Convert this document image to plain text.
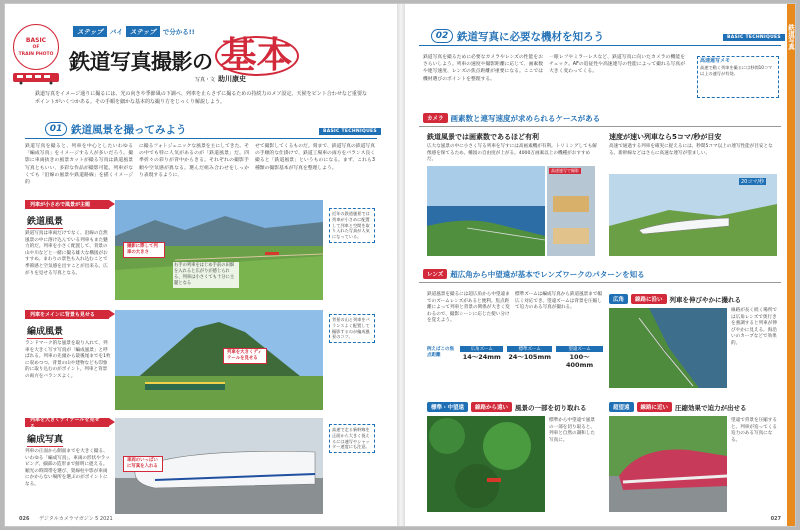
BASIC
OF
TRAIN PHOTO
ステップ	バイ	ステップ	で分かる!!
鉄道写真撮影の 基本
写真・文 助川康史
鉄道写真をイメージ通りに撮るには、光の向きや季節風の下調べ、列車を止らさずに撮るための持続力のメソ設定、天候をピント合わせなど重要なポイントがいくつかある。その手順を細かな基本的な撮り方をじっくり解説しよう。
01 鉄道風景を撮ってみよう	BASIC TECHNIQUES
鉄道写真を撮ると、列車を中心としたいわゆる「編成写真」をイメージする人が多いだろう。撮影に車両抜きの風景カットが撮る写真は鉄道風景写真ともいい、多彩な作品が撮影可能。列車がなくても「沿線の風景や鉄道路線」を描くイメージ的
に撮るフォトジェニックな風景を主にしてきた。その中でも特に人気があるのが「鉄道風景」だ。四季折々の彩りが背中からきる。それぞれの撮影手順や空気感が異なる。選んだ組み合わせをしっかり表現するように、
せて撮影してくるものだ。刻まで、鉄道写真の鉄道写真の手順的な仕掛けで、鉄道工場車の両方をバランス良く撮ると「鉄道風景」というものになる。まず、これら3種類の撮影基本が写真を整理しよう。
列車が小さめで風景が主題
鉄道風景
鉄道写真は車両だけでなく、沿線の自然風景の中に溶け込んでいる列車もまた魅力的だ。列車を小さく配置して、背景の山や川などと一緒に撮る雄大な構図がおすすめ。まわりの景色も入れ込むことで季節感と空気感を出すことが出来る。広がりを見せる写真となる。
撮影に際して列車の大きさ
右手の列車をはじめ手前の田畑を入れると広がりが感じられる、列車は小さくても十分に主題となる
近年の鉄道風景では列車が小さめに配置して列車と空間を取り入れた写真が人気になっている。
列車をメインに背景も見せる
編成風景
ランドマーク的な風景を取り入れて、列車を大きく写す写真が「編成風景」と呼ばれる。列車の先頭から最後尾までを1枚に収めつつ、背景の山や建物なども印象的に取り込むのがポイント。列車と背景の両方をバランスよく。
列車を大きくディテールを見せる
背景の山と列車をバランスよく配置して撮影するのが編成風景のコツ。
列車を大きくディテールを見せる
編成写真
列車の正面から側面までを大きく撮る、いわゆる「編成写真」。車両の形状やラッピング、細部の造形まで鮮明に捉える。順光の時間帯を選び、架線柱や影が車両にかからない場所を選ぶのがポイントになる。
車両のいっぱいに写真を入れる
高速で走る新幹線を正面から大きく捉えるには連写やシャッター速度にも注意。
026 デジタルカメラマガジン 5 2021
鉄道写真
02 鉄道写真に必要な機材を知ろう	BASIC TECHNIQUES
鉄道写真を撮るために必要なカメラやレンズの性能をおさらいしよう。列車の速度や撮影距離に応じて、画素数や連写速度、レンズの焦点距離が重要になる。ここでは機材選びのポイントを整理する。
一眼レフやミラーレスなど、鉄道写真に向いたカメラの機能をチェック。AFの追従性や高速連写の性能によって撮れる写真が大きく変わってくる。
高速連写メモ
高速で動く列車を撮るには秒間10コマ以上の連写が有効。
カメラ 画素数と連写速度が求められるケースがある
鉄道風景では画素数であるほど有利
広大な風景の中に小さく写る列車を写すには高画素機が有利。トリミングしても解像感を保てるため、構図の自由度が上がる。4000万画素以上の機種がおすすめだ。
高速連写で撮影
速度が速い列車なら5コマ/秒が目安
高速で通過する列車を確実に捉えるには、秒間5コマ以上の連写性能が目安となる。新幹線などはさらに高速な連写が望ましい。
20コマ/秒
レンズ 超広角から中望遠が基本でレンズワークのパターンを知る
鉄道風景を撮るには超広角から中望遠までのズームレンズがあると便利。焦点距離によって列車と背景の関係が大きく変わるので、撮影シーンに応じた使い分けを覚えよう。
標準ズームは編成写真から鉄道風景まで幅広く対応でき、望遠ズームは背景を圧縮して迫力のある写真が撮れる。
例えばこの焦点距離
広角ズーム
14〜24mm
標準ズーム
24〜105mm
望遠ズーム
100〜400mm
広角	線路に沿い	列車を伸びやかに撮れる
線路が長く続く場所では広角レンズで奥行きを強調すると列車が伸びやかに見える。海沿いのカーブなどで効果的。
標準・中望遠	線路から遠い	風景の一部を切り取れる
標準から中望遠で風景の一部を切り取ると、列車と自然の調和した写真に。
超望遠	線路に近い	圧縮効果で迫力が出せる
望遠で背景を圧縮すると、列車が迫ってくる迫力のある写真になる。
027
